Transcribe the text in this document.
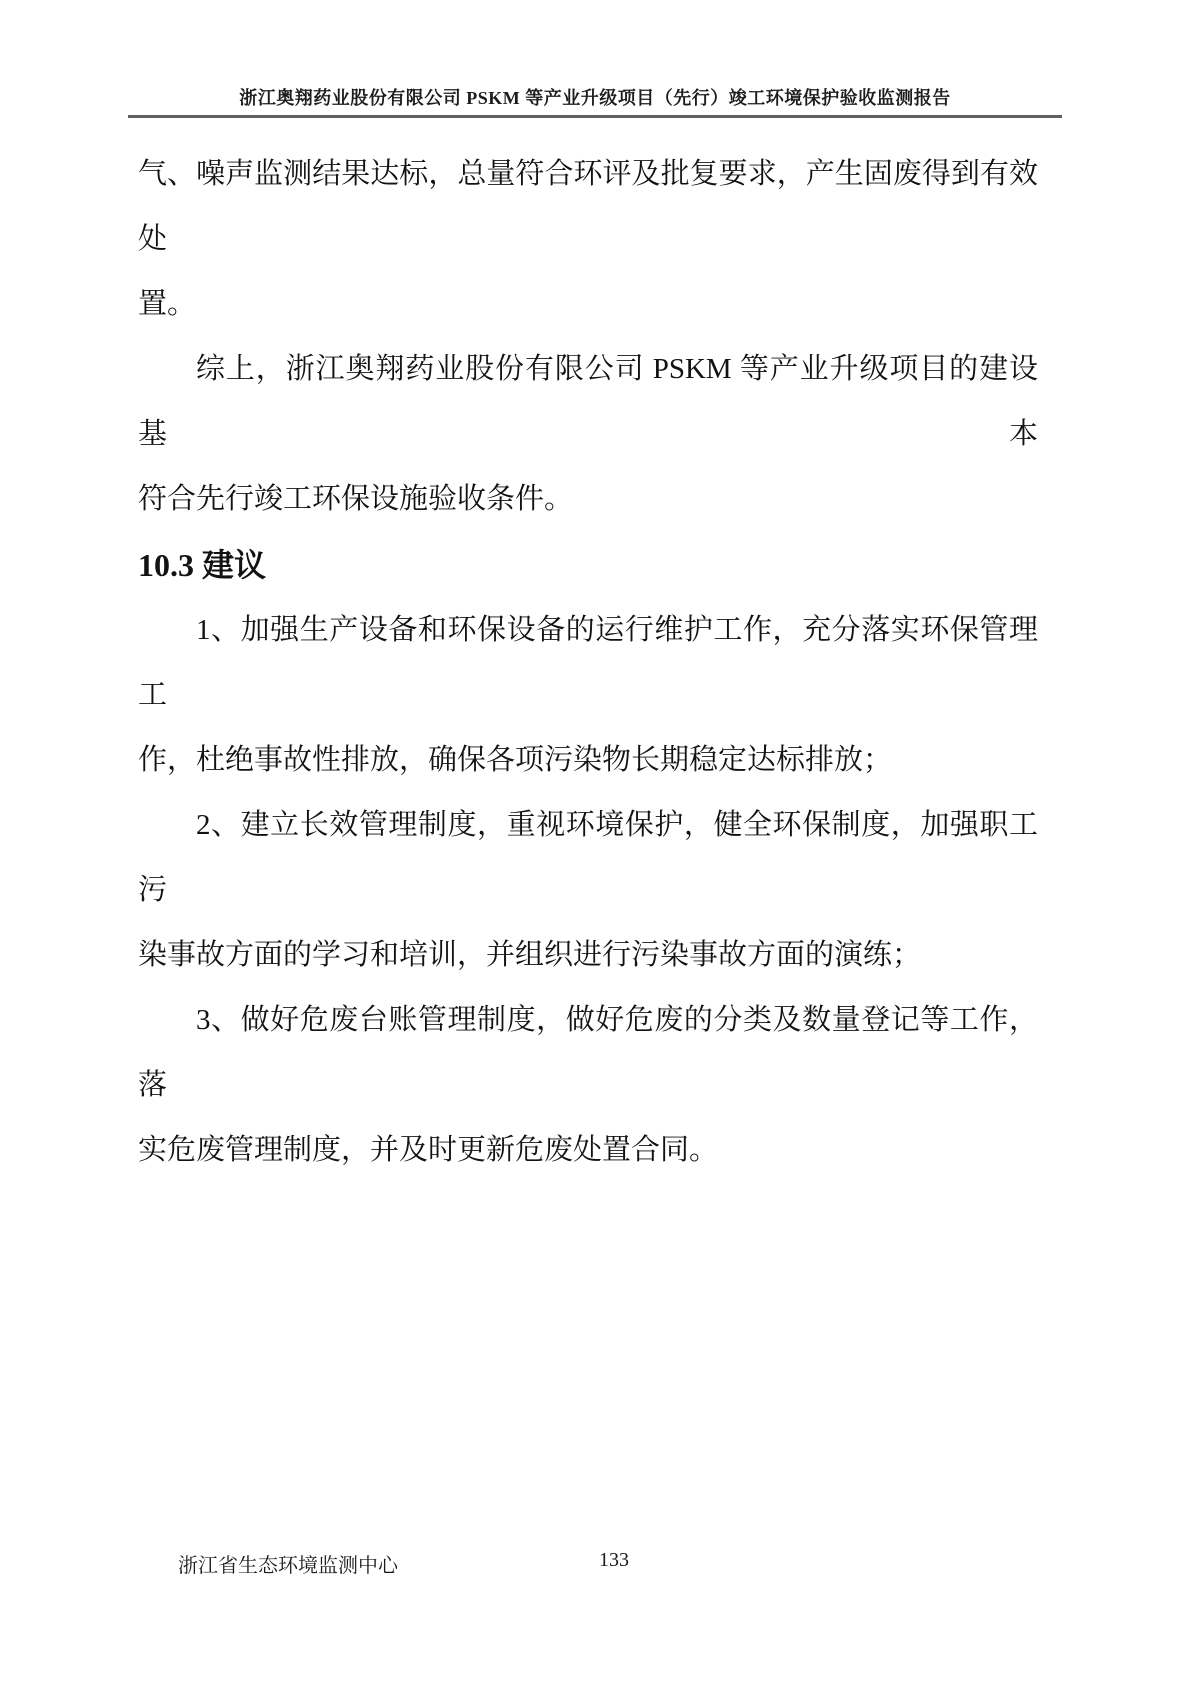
浙江奥翔药业股份有限公司 PSKM 等产业升级项目（先行）竣工环境保护验收监测报告
气、噪声监测结果达标，总量符合环评及批复要求，产生固废得到有效处
置。
综上，浙江奥翔药业股份有限公司 PSKM 等产业升级项目的建设基本
符合先行竣工环保设施验收条件。
10.3 建议
1、加强生产设备和环保设备的运行维护工作，充分落实环保管理工
作，杜绝事故性排放，确保各项污染物长期稳定达标排放；
2、建立长效管理制度，重视环境保护，健全环保制度，加强职工污
染事故方面的学习和培训，并组织进行污染事故方面的演练；
3、做好危废台账管理制度，做好危废的分类及数量登记等工作，落
实危废管理制度，并及时更新危废处置合同。
浙江省生态环境监测中心	133
